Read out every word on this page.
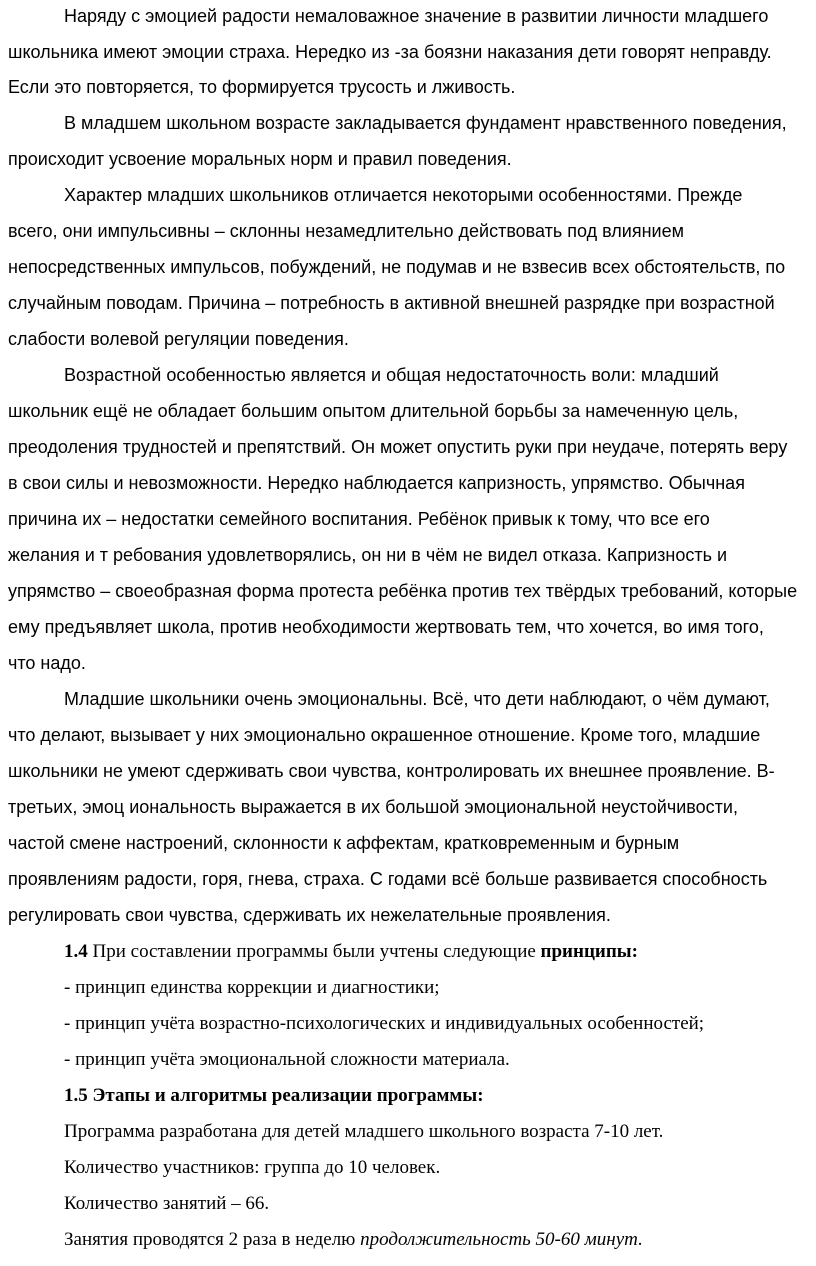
Наряду с эмоцией радости немаловажное значение в развитии личности младшего
школьника имеют эмоции страха. Нередко из -за боязни наказания дети говорят неправду.
Если это повторяется, то формируется трусость и лживость.
В младшем школьном возрасте закладывается фундамент нравственного поведения,
происходит усвоение моральных норм и правил поведения.
Характер младших школьников отличается некоторыми особенностями. Прежде
всего, они импульсивны – склонны незамедлительно действовать под влиянием
непосредственных импульсов, побуждений, не подумав и не взвесив всех обстоятельств, по
случайным поводам. Причина – потребность в активной внешней разрядке при возрастной
слабости волевой регуляции поведения.
Возрастной особенностью является и общая недостаточность воли: младший
школьник ещё не обладает большим опытом длительной борьбы за намеченную цель,
преодоления трудностей и препятствий. Он может опустить руки при неудаче, потерять веру
в свои силы и невозможности. Нередко наблюдается капризность, упрямство. Обычная
причина их – недостатки семейного воспитания. Ребёнок привык к тому, что все его
желания и т ребования удовлетворялись, он ни в чём не видел отказа. Капризность и
упрямство – своеобразная форма протеста ребёнка против тех твёрдых требований, которые
ему предъявляет школа, против необходимости жертвовать тем, что хочется, во имя того,
что надо.
Младшие школьники очень эмоциональны. Всё, что дети наблюдают, о чём думают,
что делают, вызывает у них эмоционально окрашенное отношение. Кроме того, младшие
школьники не умеют сдерживать свои чувства, контролировать их внешнее проявление. В-
третьих, эмоц иональность выражается в их большой эмоциональной неустойчивости,
частой смене настроений, склонности к аффектам, кратковременным и бурным
проявлениям радости, горя, гнева, страха. С годами всё больше развивается способность
регулировать свои чувства, сдерживать их нежелательные проявления.
1.4 При составлении программы были учтены следующие принципы:
- принцип единства коррекции и диагностики;
- принцип учёта возрастно-психологических и индивидуальных особенностей;
- принцип учёта эмоциональной сложности материала.
1.5 Этапы и алгоритмы реализации программы:
Программа разработана для детей младшего школьного возраста 7-10 лет.
Количество участников: группа до 10 человек.
Количество занятий – 66.
Занятия проводятся 2 раза в неделю продолжительность 50-60 минут.
